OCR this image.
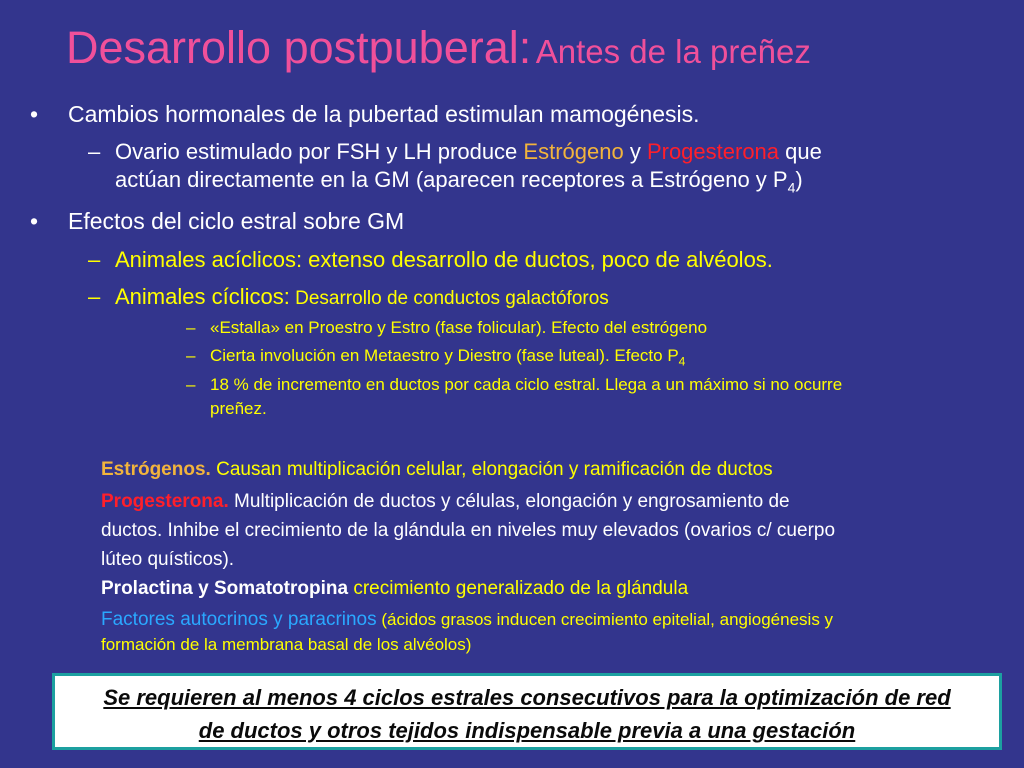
Desarrollo postpuberal: Antes de la preñez
• Cambios hormonales de la pubertad estimulan mamogénesis.
– Ovario estimulado por FSH y LH produce Estrógeno y Progesterona que
actúan directamente en la GM (aparecen receptores a Estrógeno y $P_4$)
• Efectos del ciclo estral sobre GM
– Animales acíclicos: extenso desarrollo de ductos, poco de alvéolos.
– Animales cíclicos: Desarrollo de conductos galactóforos
– «Estalla» en Proestro y Estro (fase folicular). Efecto del estrógeno
– Cierta involución en Metaestro y Diestro (fase luteal). Efecto $P_4$
– 18 % de incremento en ductos por cada ciclo estral. Llega a un máximo si no ocurre
preñez.
Estrógenos. Causan multiplicación celular, elongación y ramificación de ductos
Progesterona. Multiplicación de ductos y células, elongación y engrosamiento de
ductos. Inhibe el crecimiento de la glándula en niveles muy elevados (ovarios c/ cuerpo
lúteo quísticos).
Prolactina y Somatotropina crecimiento generalizado de la glándula
Factores autocrinos y paracrinos (ácidos grasos inducen crecimiento epitelial, angiogénesis y
formación de la membrana basal de los alvéolos)
Se requieren al menos 4 ciclos estrales consecutivos para la optimización de red
de ductos y otros tejidos indispensable previa a una gestación
